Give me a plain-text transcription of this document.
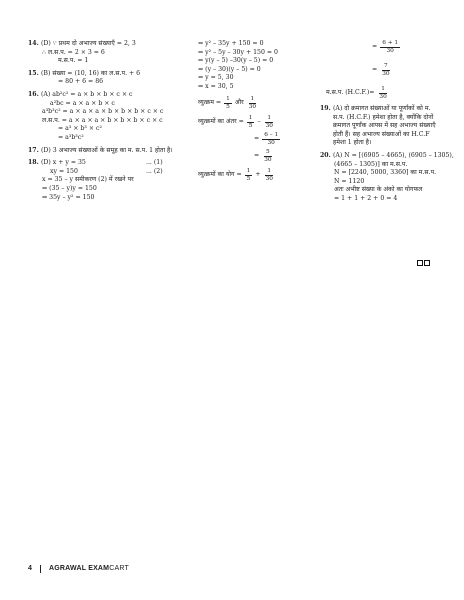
14. (D) ∵ प्रथम दो अभाज्य संख्याएँ = 2, 3
∴ ल.स.प. = 2 × 3 = 6
म.स.प. = 1
15. (B) संख्या = (10, 16) का ल.स.प. + 6
= 80 + 6 = 86
16. (A) ab²c² = a × b × b × c × c
a²bc = a × a × b × c
a³b³c² = a × a × a × b × b × b × c × c
ल.स.प. = a × a × a × b × b × b × c × c
= a³ × b³ × c²
= a³b³c²
17. (D) 3 अभाज्य संख्याओं के समूह का म. स.प. 1 होता है।
18. (D) x + y = 35	... (1)
xy = 150	... (2)
x = 35 – y समीकरण (2) में रखने पर
⇒ (35 – y)y = 150
⇒ 35y – y² = 150
⇒ y² – 35y + 150 = 0
⇒ y² – 5y – 30y + 150 = 0
⇒ y(y – 5) –30(y – 5) = 0
⇒ (y – 30)(y – 5) = 0
⇒ y = 5, 30
⇒ x = 30, 5
व्युत्क्रम = $\frac{1}{5}$ और $\frac{1}{30}$
व्युत्क्रमों का अंतर = $\frac{1}{5} - \frac{1}{30}$
= $\frac{6 - 1}{30}$
= $\frac{5}{30}$
व्युत्क्रमों का योग = $\frac{1}{5} + \frac{1}{30}$
= $\frac{6 + 1}{30}$
= $\frac{7}{30}$
म.स.प. $(H.C.F.)= \frac{1}{30}$
19. (A) दो क्रमागत संख्याओं या पूर्णांकों को म. स.प. (H.C.F.) हमेशा होता है, क्योंकि दोनों क्रमागत पूर्णांक आपस में सह अभाज्य संख्याएँ होती हैं। सह अभाज्य संख्याओं का H.C.F हमेशा 1 होता है।
20. (A) N = [(6905 – 4665), (6905 – 1305),
(4665 – 1305)] का म.स.प.
N = [2240, 5000, 3360] का म.स.प.
N = 1120
अतः अभीष्ट संख्या के अंको का योगफल
= 1 + 1 + 2 + 0 = 4
4	AGRAWAL EXAMCART
